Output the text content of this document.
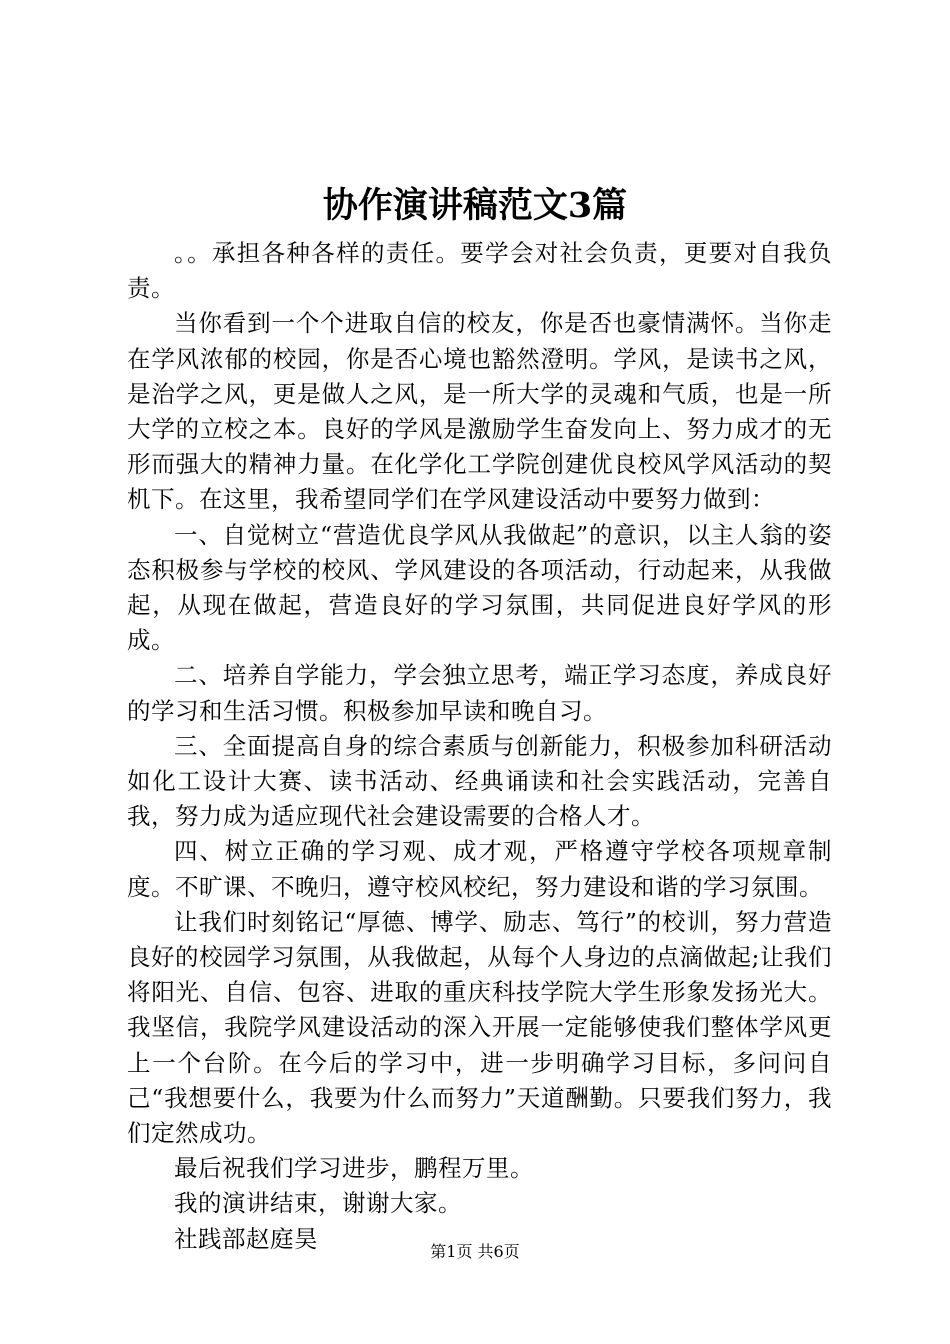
协作演讲稿范文3篇

。。承担各种各样的责任。要学会对社会负责，更要对自我负责。

当你看到一个个进取自信的校友，你是否也豪情满怀。当你走在学风浓郁的校园，你是否心境也豁然澄明。学风，是读书之风，是治学之风，更是做人之风，是一所大学的灵魂和气质，也是一所大学的立校之本。良好的学风是激励学生奋发向上、努力成才的无形而强大的精神力量。在化学化工学院创建优良校风学风活动的契机下。在这里，我希望同学们在学风建设活动中要努力做到：

一、自觉树立“营造优良学风从我做起”的意识，以主人翁的姿态积极参与学校的校风、学风建设的各项活动，行动起来，从我做起，从现在做起，营造良好的学习氛围，共同促进良好学风的形成。

二、培养自学能力，学会独立思考，端正学习态度，养成良好的学习和生活习惯。积极参加早读和晚自习。

三、全面提高自身的综合素质与创新能力，积极参加科研活动如化工设计大赛、读书活动、经典诵读和社会实践活动，完善自我，努力成为适应现代社会建设需要的合格人才。

四、树立正确的学习观、成才观，严格遵守学校各项规章制度。不旷课、不晚归，遵守校风校纪，努力建设和谐的学习氛围。

让我们时刻铭记“厚德、博学、励志、笃行”的校训，努力营造良好的校园学习氛围，从我做起，从每个人身边的点滴做起;让我们将阳光、自信、包容、进取的重庆科技学院大学生形象发扬光大。我坚信，我院学风建设活动的深入开展一定能够使我们整体学风更上一个台阶。在今后的学习中，进一步明确学习目标，多问问自己“我想要什么，我要为什么而努力”天道酬勤。只要我们努力，我们定然成功。

最后祝我们学习进步，鹏程万里。

我的演讲结束，谢谢大家。

社践部赵庭昊	第1页 共6页
